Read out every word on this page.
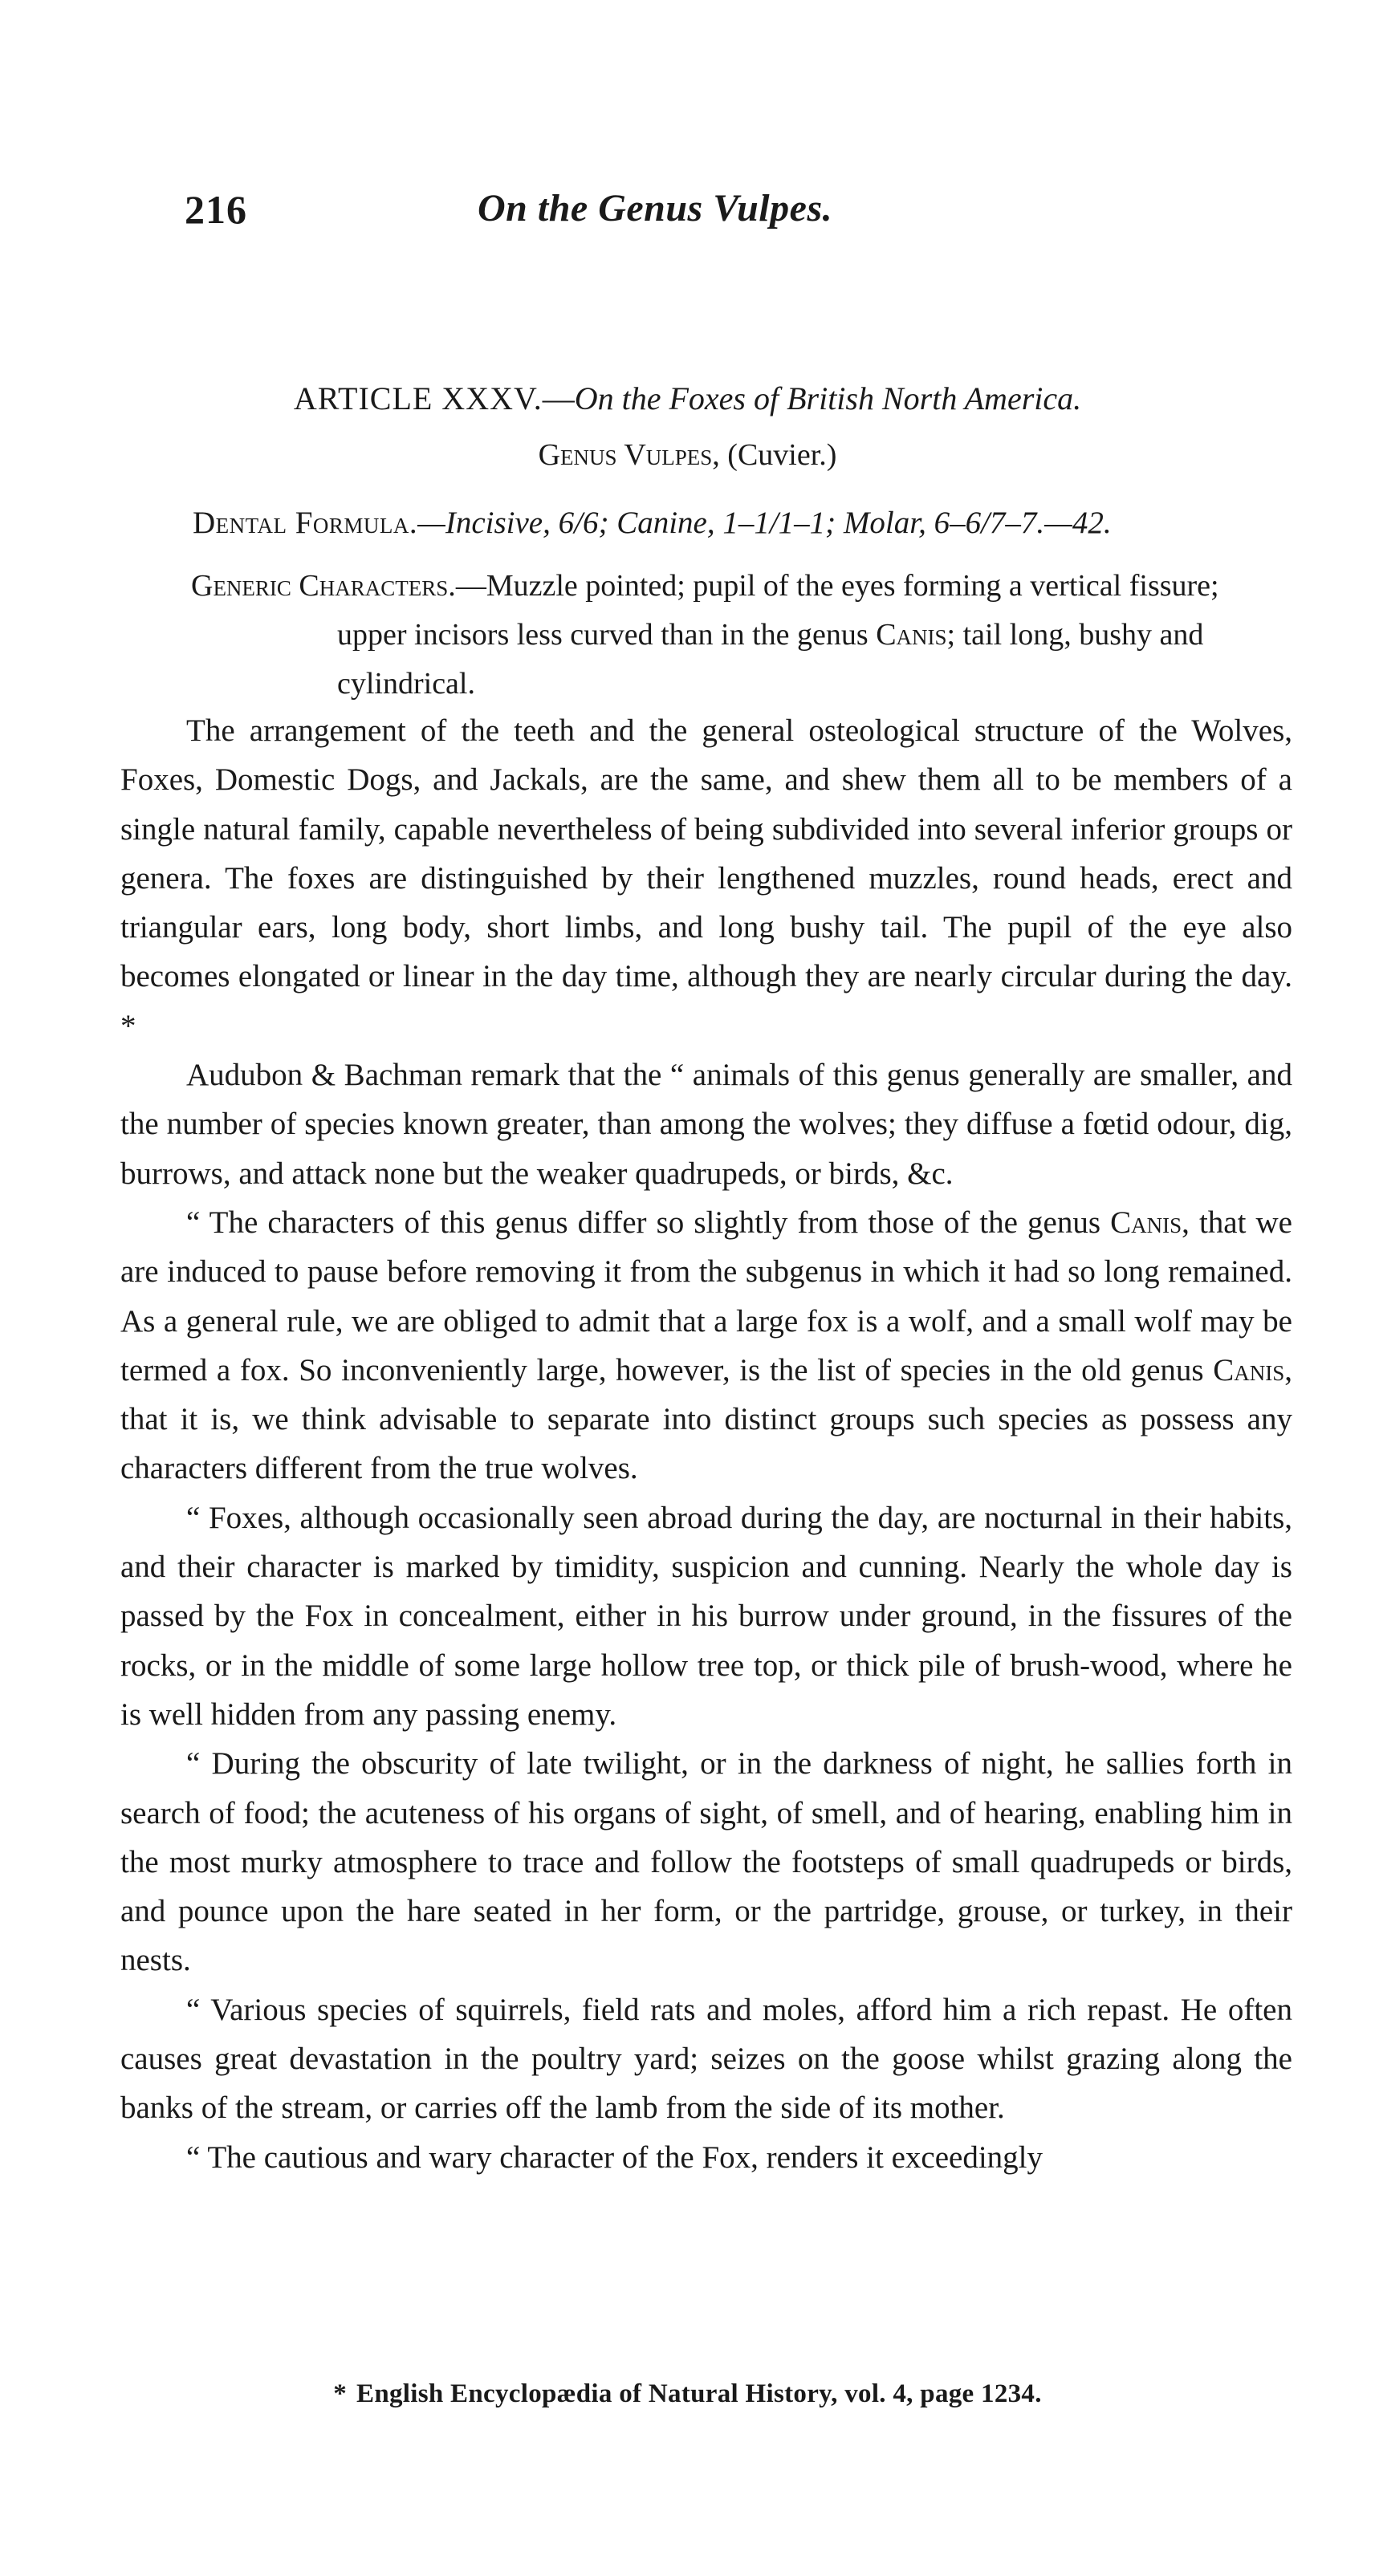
216	On the Genus Vulpes.
ARTICLE XXXV.—On the Foxes of British North America.
Genus Vulpes, (Cuvier.)
Dental Formula.—Incisive, 6/6; Canine, 1–1/1–1; Molar, 6–6/7–7.—42.
Generic Characters.—Muzzle pointed; pupil of the eyes forming a vertical fissure; upper incisors less curved than in the genus Canis; tail long, bushy and cylindrical.

The arrangement of the teeth and the general osteological structure of the Wolves, Foxes, Domestic Dogs, and Jackals, are the same, and shew them all to be members of a single natural family, capable nevertheless of being subdivided into several inferior groups or genera. The foxes are distinguished by their lengthened muzzles, round heads, erect and triangular ears, long body, short limbs, and long bushy tail. The pupil of the eye also becomes elongated or linear in the day time, although they are nearly circular during the day. *

Audubon & Bachman remark that the “ animals of this genus generally are smaller, and the number of species known greater, than among the wolves; they diffuse a fœtid odour, dig, burrows, and attack none but the weaker quadrupeds, or birds, &c.

“ The characters of this genus differ so slightly from those of the genus Canis, that we are induced to pause before removing it from the subgenus in which it had so long remained. As a general rule, we are obliged to admit that a large fox is a wolf, and a small wolf may be termed a fox. So inconveniently large, however, is the list of species in the old genus Canis, that it is, we think advisable to separate into distinct groups such species as possess any characters different from the true wolves.

“ Foxes, although occasionally seen abroad during the day, are nocturnal in their habits, and their character is marked by timidity, suspicion and cunning. Nearly the whole day is passed by the Fox in concealment, either in his burrow under ground, in the fissures of the rocks, or in the middle of some large hollow tree top, or thick pile of brush-wood, where he is well hidden from any passing enemy.

“ During the obscurity of late twilight, or in the darkness of night, he sallies forth in search of food; the acuteness of his organs of sight, of smell, and of hearing, enabling him in the most murky atmosphere to trace and follow the footsteps of small quadrupeds or birds, and pounce upon the hare seated in her form, or the partridge, grouse, or turkey, in their nests.

“ Various species of squirrels, field rats and moles, afford him a rich repast. He often causes great devastation in the poultry yard; seizes on the goose whilst grazing along the banks of the stream, or carries off the lamb from the side of its mother.

“ The cautious and wary character of the Fox, renders it exceedingly

* English Encyclopædia of Natural History, vol. 4, page 1234.
